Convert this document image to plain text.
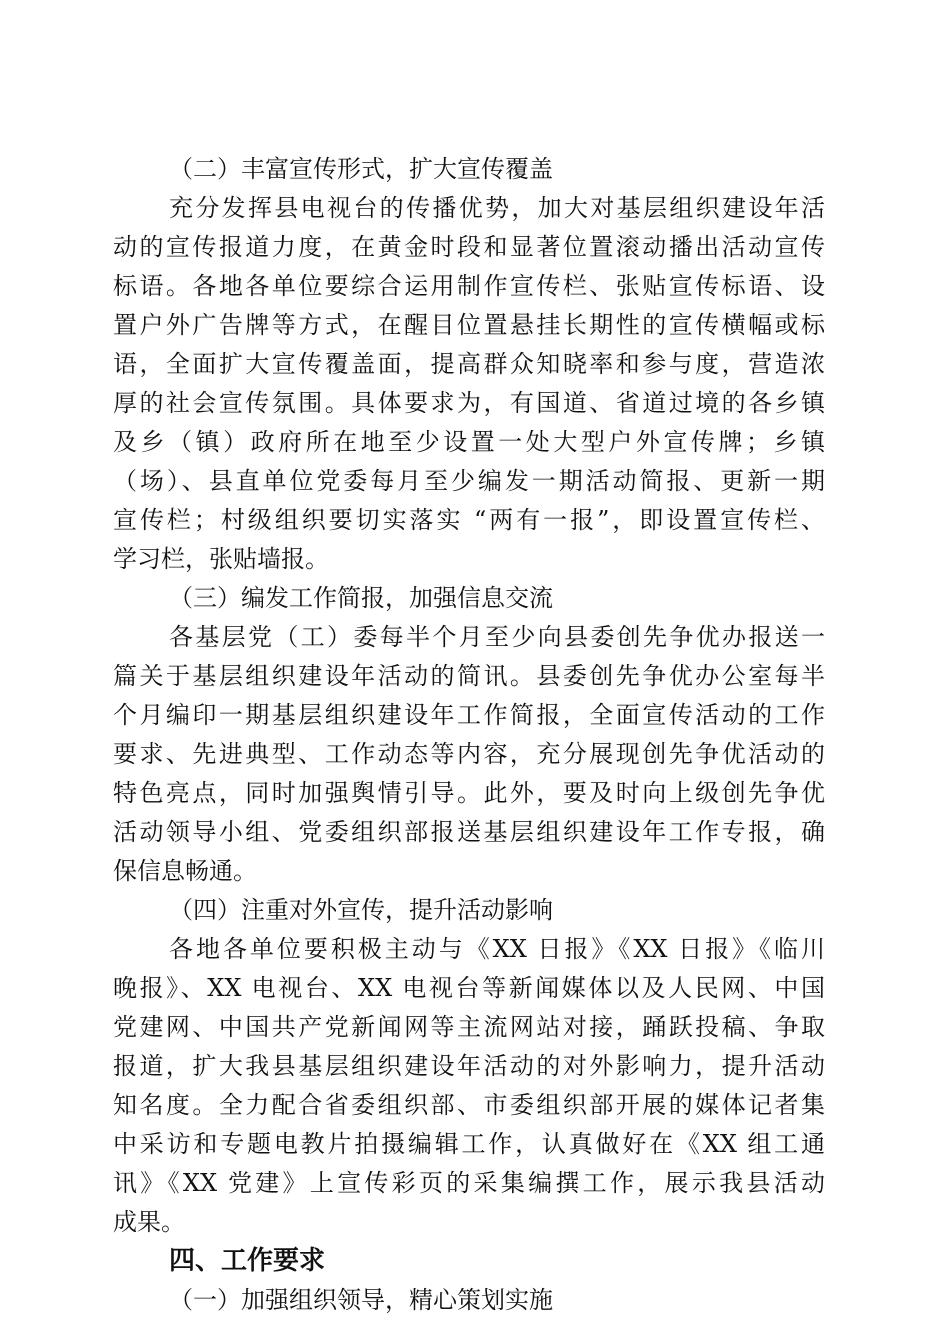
（二）丰富宣传形式，扩大宣传覆盖
充分发挥县电视台的传播优势，加大对基层组织建设年活
动的宣传报道力度，在黄金时段和显著位置滚动播出活动宣传
标语。各地各单位要综合运用制作宣传栏、张贴宣传标语、设
置户外广告牌等方式，在醒目位置悬挂长期性的宣传横幅或标
语，全面扩大宣传覆盖面，提高群众知晓率和参与度，营造浓
厚的社会宣传氛围。具体要求为，有国道、省道过境的各乡镇
及乡（镇）政府所在地至少设置一处大型户外宣传牌；乡镇
（场）、县直单位党委每月至少编发一期活动简报、更新一期
宣传栏；村级组织要切实落实 “两有一报”，即设置宣传栏、
学习栏，张贴墙报。
（三）编发工作简报，加强信息交流
各基层党（工）委每半个月至少向县委创先争优办报送一
篇关于基层组织建设年活动的简讯。县委创先争优办公室每半
个月编印一期基层组织建设年工作简报，全面宣传活动的工作
要求、先进典型、工作动态等内容，充分展现创先争优活动的
特色亮点，同时加强舆情引导。此外，要及时向上级创先争优
活动领导小组、党委组织部报送基层组织建设年工作专报，确
保信息畅通。
（四）注重对外宣传，提升活动影响
各地各单位要积极主动与《XX 日报》《XX 日报》《临川
晚报》、XX 电视台、XX 电视台等新闻媒体以及人民网、中国
党建网、中国共产党新闻网等主流网站对接，踊跃投稿、争取
报道，扩大我县基层组织建设年活动的对外影响力，提升活动
知名度。全力配合省委组织部、市委组织部开展的媒体记者集
中采访和专题电教片拍摄编辑工作，认真做好在《XX 组工通
讯》《XX 党建》上宣传彩页的采集编撰工作，展示我县活动
成果。
四、工作要求
（一）加强组织领导，精心策划实施
